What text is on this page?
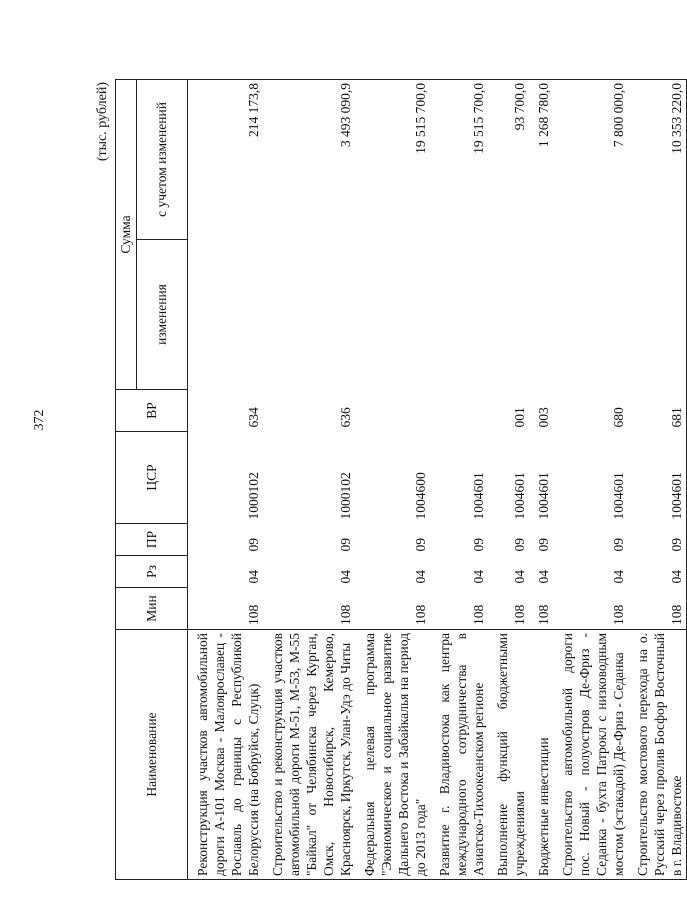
372
(тыс. рублей)
Наименование	Мин	Рз	ПР	ЦСР	ВР	Сумма	
						изменения	с учетом изменений
Реконструкция участков автомобильной дороги А-101 Москва - Малоярославец - Рославль до границы с Республикой Белоруссия (на Бобруйск, Слуцк)	108	04	09	1000102	634		214 173,8
Строительство и реконструкция участков автомобильной дороги М-51, М-53, М-55 "Байкал" от Челябинска через Курган, Омск, Новосибирск, Кемерово, Красноярск, Иркутск, Улан-Удэ до Читы	108	04	09	1000102	636		3 493 090,9
Федеральная целевая программа "Экономическое и социальное развитие Дальнего Востока и Забайкалья на период до 2013 года"	108	04	09	1004600			19 515 700,0
Развитие г. Владивостока как центра международного сотрудничества в Азиатско-Тихоокеанском регионе	108	04	09	1004601			19 515 700,0
Выполнение функций бюджетными учреждениями	108	04	09	1004601	001		93 700,0
Бюджетные инвестиции	108	04	09	1004601	003		1 268 780,0
Строительство автомобильной дороги пос. Новый - полуостров Де-Фриз - Седанка - бухта Патрокл с низководным мостом (эстакадой) Де-Фриз - Седанка	108	04	09	1004601	680		7 800 000,0
Строительство мостового перехода на о. Русский через пролив Босфор Восточный в г. Владивостоке	108	04	09	1004601	681		10 353 220,0
